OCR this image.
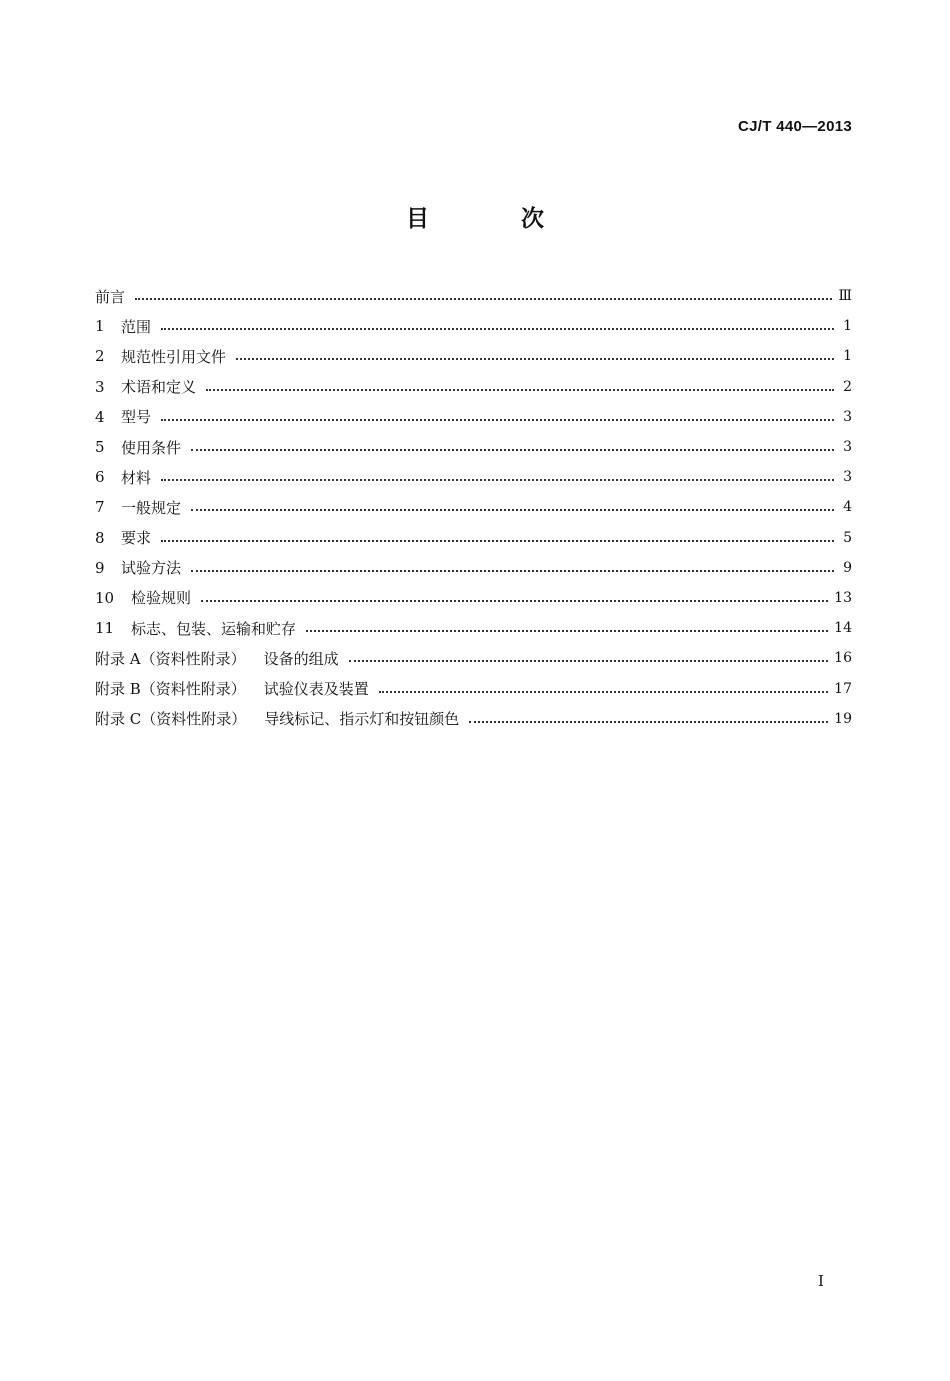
CJ/T 440—2013
目 次
前言	Ⅲ
1 范围	1
2 规范性引用文件	1
3 术语和定义	2
4 型号	3
5 使用条件	3
6 材料	3
7 一般规定	4
8 要求	5
9 试验方法	9
10 检验规则	13
11 标志、包装、运输和贮存	14
附录 A（资料性附录） 设备的组成	16
附录 B（资料性附录） 试验仪表及装置	17
附录 C（资料性附录） 导线标记、指示灯和按钮颜色	19
I
